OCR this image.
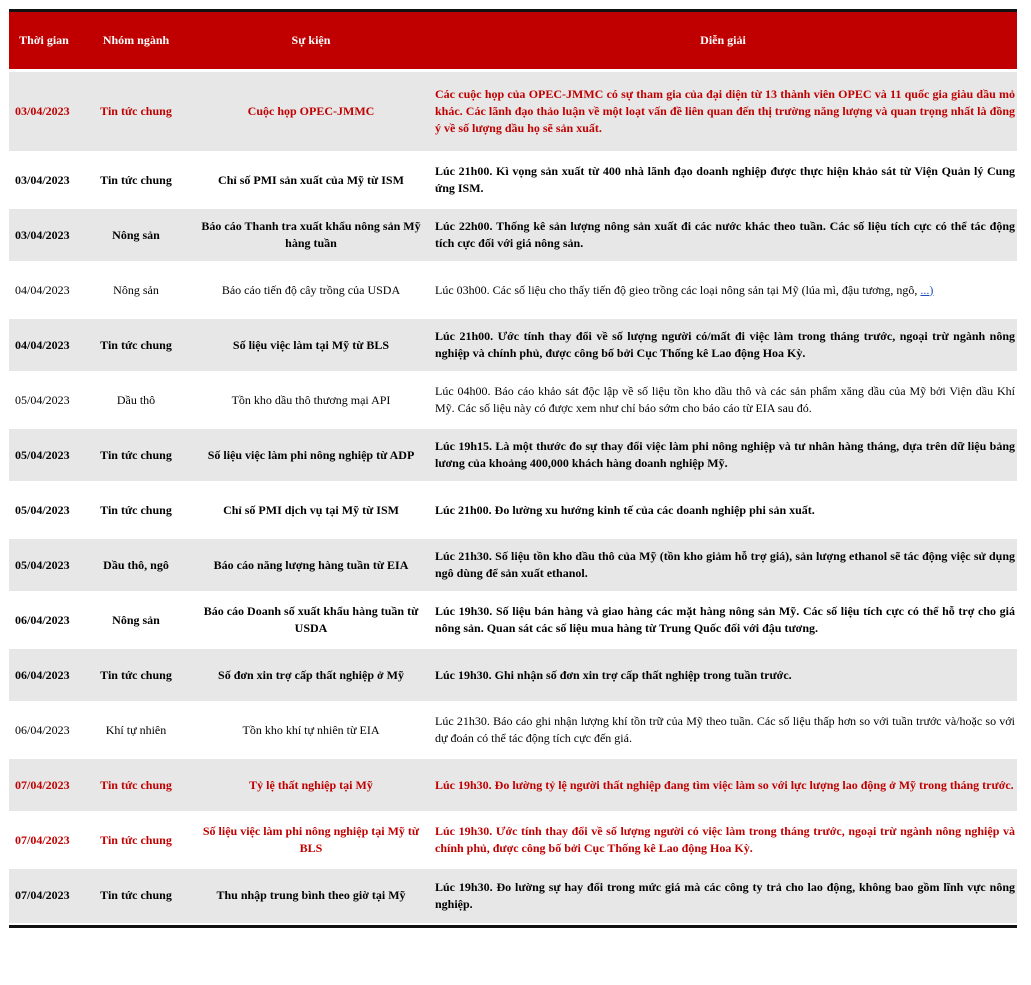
Thời gian	Nhóm ngành	Sự kiện	Diễn giải
03/04/2023	Tin tức chung	Cuộc họp OPEC-JMMC	Các cuộc họp của OPEC-JMMC có sự tham gia của đại diện từ 13 thành viên OPEC và 11 quốc gia giàu dầu mỏ khác. Các lãnh đạo thảo luận về một loạt vấn đề liên quan đến thị trường năng lượng và quan trọng nhất là đồng ý về số lượng dầu họ sẽ sản xuất.
03/04/2023	Tin tức chung	Chỉ số PMI sản xuất của Mỹ từ ISM	Lúc 21h00. Kì vọng sản xuất từ 400 nhà lãnh đạo doanh nghiệp được thực hiện khảo sát từ Viện Quản lý Cung ứng ISM.
03/04/2023	Nông sản	Báo cáo Thanh tra xuất khẩu nông sản Mỹ hàng tuần	Lúc 22h00. Thống kê sản lượng nông sản xuất đi các nước khác theo tuần. Các số liệu tích cực có thể tác động tích cực đối với giá nông sản.
04/04/2023	Nông sản	Báo cáo tiến độ cây trồng của USDA	Lúc 03h00. Các số liệu cho thấy tiến độ gieo trồng các loại nông sản tại Mỹ (lúa mì, đậu tương, ngô, ...)
04/04/2023	Tin tức chung	Số liệu việc làm tại Mỹ từ BLS	Lúc 21h00. Ước tính thay đổi về số lượng người có/mất đi việc làm trong tháng trước, ngoại trừ ngành nông nghiệp và chính phủ, được công bố bởi Cục Thống kê Lao động Hoa Kỳ.
05/04/2023	Dầu thô	Tồn kho dầu thô thương mại API	Lúc 04h00. Báo cáo khảo sát độc lập về số liệu tồn kho dầu thô và các sản phẩm xăng dầu của Mỹ bởi Viện dầu Khí Mỹ. Các số liệu này có được xem như chỉ báo sớm cho báo cáo từ EIA sau đó.
05/04/2023	Tin tức chung	Số liệu việc làm phi nông nghiệp từ ADP	Lúc 19h15. Là một thước đo sự thay đổi việc làm phi nông nghiệp và tư nhân hàng tháng, dựa trên dữ liệu bảng lương của khoảng 400,000 khách hàng doanh nghiệp Mỹ.
05/04/2023	Tin tức chung	Chỉ số PMI dịch vụ tại Mỹ từ ISM	Lúc 21h00. Đo lường xu hướng kinh tế của các doanh nghiệp phi sản xuất.
05/04/2023	Dầu thô, ngô	Báo cáo năng lượng hàng tuần từ EIA	Lúc 21h30. Số liệu tồn kho dầu thô của Mỹ (tồn kho giảm hỗ trợ giá), sản lượng ethanol sẽ tác động việc sử dụng ngô dùng để sản xuất ethanol.
06/04/2023	Nông sản	Báo cáo Doanh số xuất khẩu hàng tuần từ USDA	Lúc 19h30. Số liệu bán hàng và giao hàng các mặt hàng nông sản Mỹ. Các số liệu tích cực có thể hỗ trợ cho giá nông sản. Quan sát các số liệu mua hàng từ Trung Quốc đối với đậu tương.
06/04/2023	Tin tức chung	Số đơn xin trợ cấp thất nghiệp ở Mỹ	Lúc 19h30. Ghi nhận số đơn xin trợ cấp thất nghiệp trong tuần trước.
06/04/2023	Khí tự nhiên	Tồn kho khí tự nhiên từ EIA	Lúc 21h30. Báo cáo ghi nhận lượng khí tồn trữ của Mỹ theo tuần. Các số liệu thấp hơn so với tuần trước và/hoặc so với dự đoán có thể tác động tích cực đến giá.
07/04/2023	Tin tức chung	Tỷ lệ thất nghiệp tại Mỹ	Lúc 19h30. Đo lường tỷ lệ người thất nghiệp đang tìm việc làm so với lực lượng lao động ở Mỹ trong tháng trước.
07/04/2023	Tin tức chung	Số liệu việc làm phi nông nghiệp tại Mỹ từ BLS	Lúc 19h30. Ước tính thay đổi về số lượng người có việc làm trong tháng trước, ngoại trừ ngành nông nghiệp và chính phủ, được công bố bởi Cục Thống kê Lao động Hoa Kỳ.
07/04/2023	Tin tức chung	Thu nhập trung bình theo giờ tại Mỹ	Lúc 19h30. Đo lường sự hay đổi trong mức giá mà các công ty trả cho lao động, không bao gồm lĩnh vực nông nghiệp.
